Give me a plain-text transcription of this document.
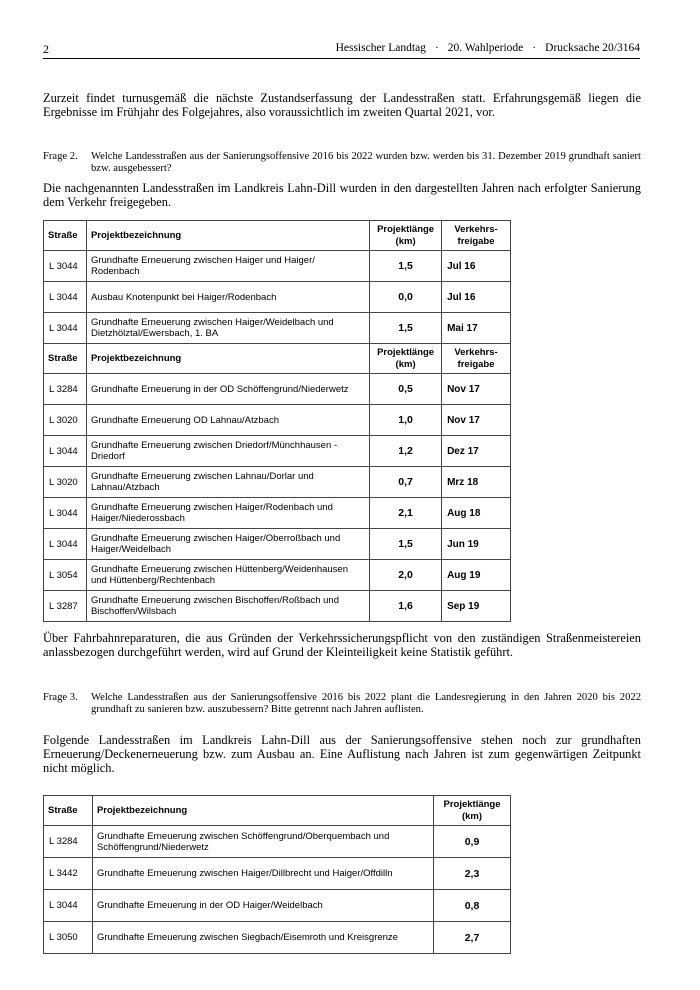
2	Hessischer Landtag · 20. Wahlperiode · Drucksache 20/3164

Zurzeit findet turnusgemäß die nächste Zustandserfassung der Landesstraßen statt. Erfahrungsgemäß liegen die Ergebnisse im Frühjahr des Folgejahres, also voraussichtlich im zweiten Quartal 2021, vor.

Frage 2. Welche Landesstraßen aus der Sanierungsoffensive 2016 bis 2022 wurden bzw. werden bis 31. Dezember 2019 grundhaft saniert bzw. ausgebessert?

Die nachgenannten Landesstraßen im Landkreis Lahn-Dill wurden in den dargestellten Jahren nach erfolgter Sanierung dem Verkehr freigegeben.

Straße	Projektbezeichnung	Projektlänge (km)	Verkehrs-freigabe
L 3044	Grundhafte Erneuerung zwischen Haiger und Haiger/ Rodenbach	1,5	Jul 16
L 3044	Ausbau Knotenpunkt bei Haiger/Rodenbach	0,0	Jul 16
L 3044	Grundhafte Erneuerung zwischen Haiger/Weidelbach und Dietzhölztal/Ewersbach, 1. BA	1,5	Mai 17
Straße	Projektbezeichnung	Projektlänge (km)	Verkehrs-freigabe
L 3284	Grundhafte Erneuerung in der OD Schöffengrund/Niederwetz	0,5	Nov 17
L 3020	Grundhafte Erneuerung OD Lahnau/Atzbach	1,0	Nov 17
L 3044	Grundhafte Erneuerung zwischen Driedorf/Münchhausen - Driedorf	1,2	Dez 17
L 3020	Grundhafte Erneuerung zwischen Lahnau/Dorlar und Lahnau/Atzbach	0,7	Mrz 18
L 3044	Grundhafte Erneuerung zwischen Haiger/Rodenbach und Haiger/Niederossbach	2,1	Aug 18
L 3044	Grundhafte Erneuerung zwischen Haiger/Oberroßbach und Haiger/Weidelbach	1,5	Jun 19
L 3054	Grundhafte Erneuerung zwischen Hüttenberg/Weidenhausen und Hüttenberg/Rechtenbach	2,0	Aug 19
L 3287	Grundhafte Erneuerung zwischen Bischoffen/Roßbach und Bischoffen/Wilsbach	1,6	Sep 19

Über Fahrbahnreparaturen, die aus Gründen der Verkehrssicherungspflicht von den zuständigen Straßenmeistereien anlassbezogen durchgeführt werden, wird auf Grund der Kleinteiligkeit keine Statistik geführt.

Frage 3. Welche Landesstraßen aus der Sanierungsoffensive 2016 bis 2022 plant die Landesregierung in den Jahren 2020 bis 2022 grundhaft zu sanieren bzw. auszubessern? Bitte getrennt nach Jahren auflisten.

Folgende Landesstraßen im Landkreis Lahn-Dill aus der Sanierungsoffensive stehen noch zur grundhaften Erneuerung/Deckenerneuerung bzw. zum Ausbau an. Eine Auflistung nach Jahren ist zum gegenwärtigen Zeitpunkt nicht möglich.

Straße	Projektbezeichnung	Projektlänge (km)
L 3284	Grundhafte Erneuerung zwischen Schöffengrund/Oberquembach und Schöffengrund/Niederwetz	0,9
L 3442	Grundhafte Erneuerung zwischen Haiger/Dillbrecht und Haiger/Offdilln	2,3
L 3044	Grundhafte Erneuerung in der OD Haiger/Weidelbach	0,8
L 3050	Grundhafte Erneuerung zwischen Siegbach/Eisemroth und Kreisgrenze	2,7
